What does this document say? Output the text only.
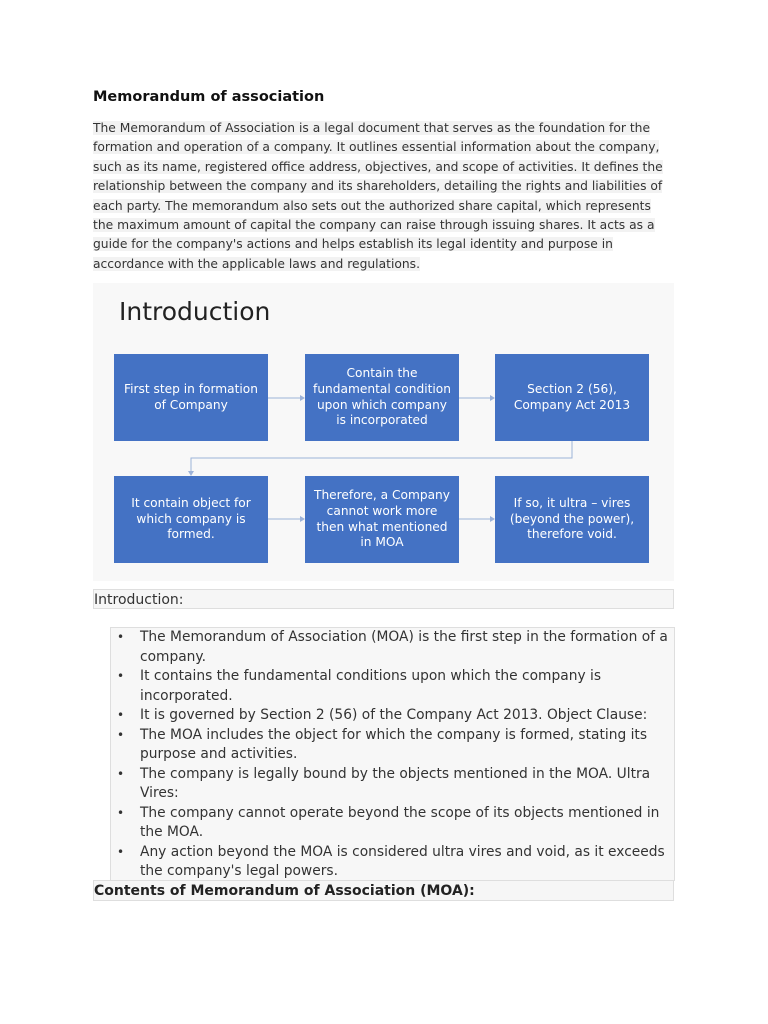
Memorandum of association
The Memorandum of Association is a legal document that serves as the foundation for the formation and operation of a company. It outlines essential information about the company, such as its name, registered office address, objectives, and scope of activities. It defines the relationship between the company and its shareholders, detailing the rights and liabilities of each party. The memorandum also sets out the authorized share capital, which represents the maximum amount of capital the company can raise through issuing shares. It acts as a guide for the company's actions and helps establish its legal identity and purpose in accordance with the applicable laws and regulations.
Introduction
First step in formation of Company
Contain the fundamental condition upon which company is incorporated
Section 2 (56), Company Act 2013
It contain object for which company is formed.
Therefore, a Company cannot work more then what mentioned in MOA
If so, it ultra – vires (beyond the power), therefore void.
Introduction:
• The Memorandum of Association (MOA) is the first step in the formation of a company.
• It contains the fundamental conditions upon which the company is incorporated.
• It is governed by Section 2 (56) of the Company Act 2013. Object Clause:
• The MOA includes the object for which the company is formed, stating its purpose and activities.
• The company is legally bound by the objects mentioned in the MOA. Ultra Vires:
• The company cannot operate beyond the scope of its objects mentioned in the MOA.
• Any action beyond the MOA is considered ultra vires and void, as it exceeds the company's legal powers.
Contents of Memorandum of Association (MOA):
